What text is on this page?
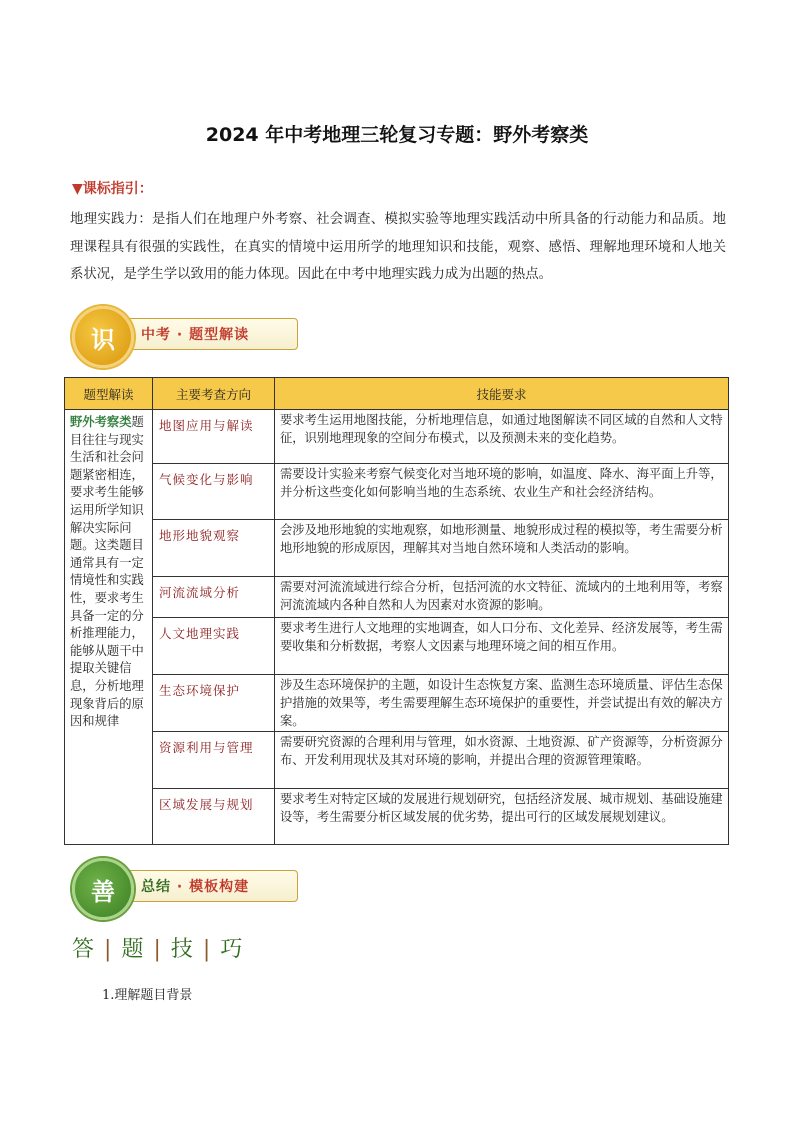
2024 年中考地理三轮复习专题：野外考察类
▼课标指引：
地理实践力：是指人们在地理户外考察、社会调查、模拟实验等地理实践活动中所具备的行动能力和品质。地理课程具有很强的实践性，在真实的情境中运用所学的地理知识和技能，观察、感悟、理解地理环境和人地关系状况，是学生学以致用的能力体现。因此在中考中地理实践力成为出题的热点。
中考 · 题型解读
识
题型解读	主要考查方向	技能要求
野外考察类题目往往与现实生活和社会问题紧密相连，要求考生能够运用所学知识解决实际问题。这类题目通常具有一定情境性和实践性，要求考生具备一定的分析推理能力，能够从题干中提取关键信息，分析地理现象背后的原因和规律	地图应用与解读	要求考生运用地图技能，分析地理信息，如通过地图解读不同区域的自然和人文特征，识别地理现象的空间分布模式，以及预测未来的变化趋势。
	气候变化与影响	需要设计实验来考察气候变化对当地环境的影响，如温度、降水、海平面上升等，并分析这些变化如何影响当地的生态系统、农业生产和社会经济结构。
	地形地貌观察	会涉及地形地貌的实地观察，如地形测量、地貌形成过程的模拟等，考生需要分析地形地貌的形成原因，理解其对当地自然环境和人类活动的影响。
	河流流域分析	需要对河流流域进行综合分析，包括河流的水文特征、流域内的土地利用等，考察河流流域内各种自然和人为因素对水资源的影响。
	人文地理实践	要求考生进行人文地理的实地调查，如人口分布、文化差异、经济发展等，考生需要收集和分析数据，考察人文因素与地理环境之间的相互作用。
	生态环境保护	涉及生态环境保护的主题，如设计生态恢复方案、监测生态环境质量、评估生态保护措施的效果等，考生需要理解生态环境保护的重要性，并尝试提出有效的解决方案。
	资源利用与管理	需要研究资源的合理利用与管理，如水资源、土地资源、矿产资源等，分析资源分布、开发利用现状及其对环境的影响，并提出合理的资源管理策略。
	区域发展与规划	要求考生对特定区域的发展进行规划研究，包括经济发展、城市规划、基础设施建设等，考生需要分析区域发展的优劣势，提出可行的区域发展规划建议。
总结 · 模板构建
善
答 | 题 | 技 | 巧
1.理解题目背景
